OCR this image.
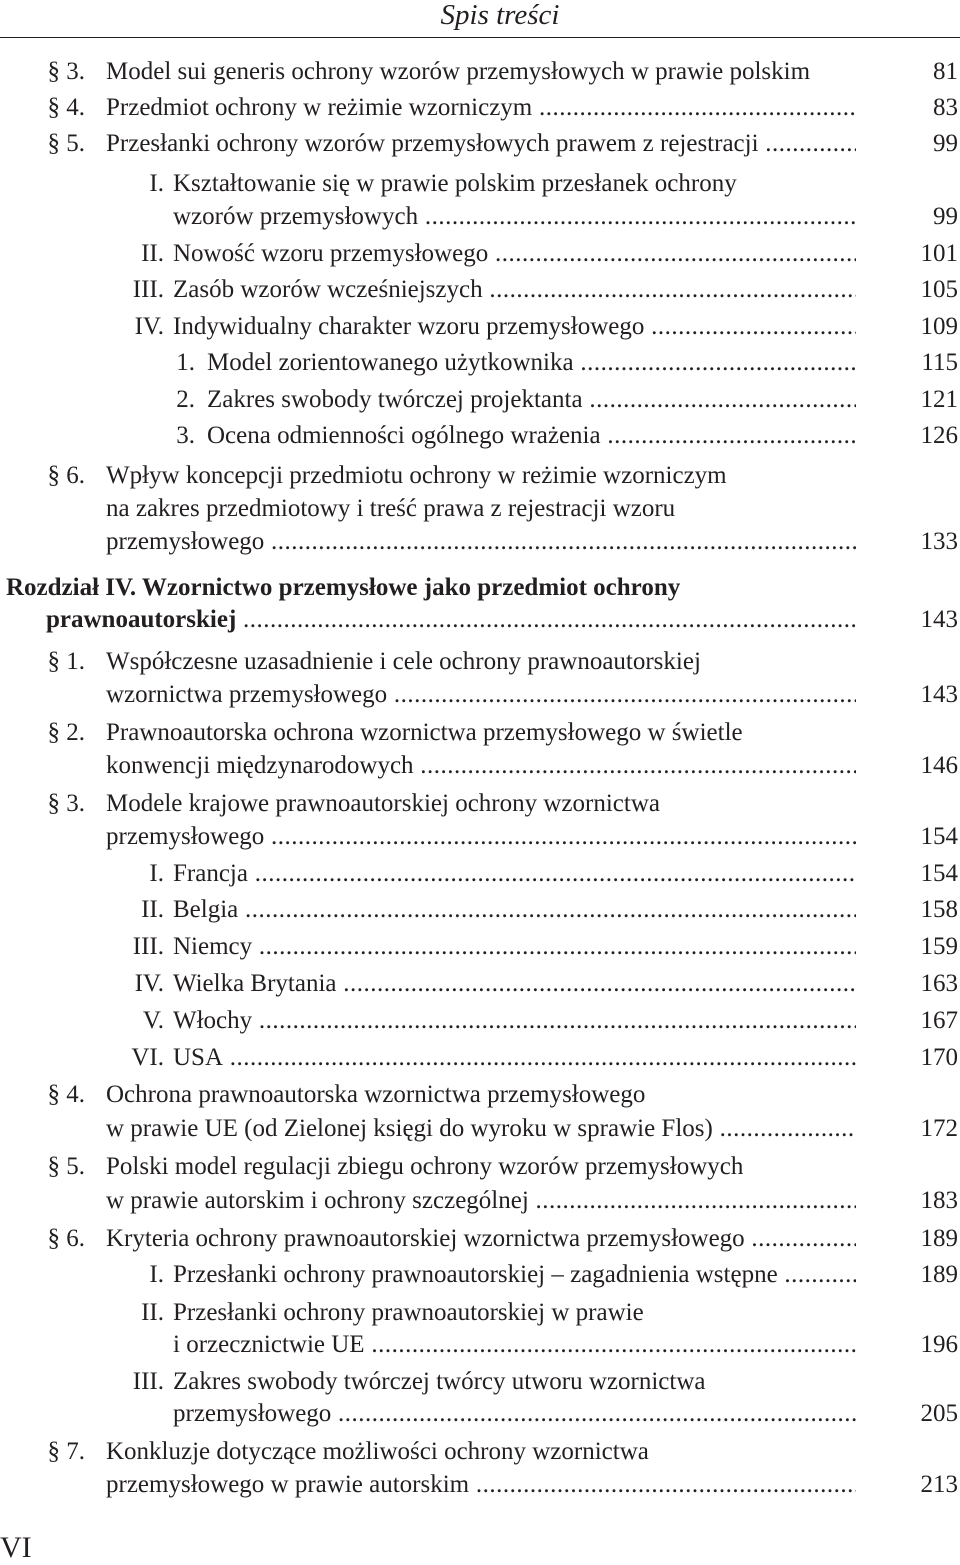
Spis treści
§ 3. Model sui generis ochrony wzorów przemysłowych w prawie polskim	81
§ 4. Przedmiot ochrony w reżimie wzorniczym .....	83
§ 5. Przesłanki ochrony wzorów przemysłowych prawem z rejestracji .....	99
I. Kształtowanie się w prawie polskim przesłanek ochrony
wzorów przemysłowych .....	99
II. Nowość wzoru przemysłowego .....	101
III. Zasób wzorów wcześniejszych .....	105
IV. Indywidualny charakter wzoru przemysłowego .....	109
1. Model zorientowanego użytkownika .....	115
2. Zakres swobody twórczej projektanta .....	121
3. Ocena odmienności ogólnego wrażenia .....	126
§ 6. Wpływ koncepcji przedmiotu ochrony w reżimie wzorniczym
na zakres przedmiotowy i treść prawa z rejestracji wzoru
przemysłowego .....	133
Rozdział IV. Wzornictwo przemysłowe jako przedmiot ochrony
prawnoautorskiej .....	143
§ 1. Współczesne uzasadnienie i cele ochrony prawnoautorskiej
wzornictwa przemysłowego .....	143
§ 2. Prawnoautorska ochrona wzornictwa przemysłowego w świetle
konwencji międzynarodowych .....	146
§ 3. Modele krajowe prawnoautorskiej ochrony wzornictwa
przemysłowego .....	154
I. Francja .....	154
II. Belgia .....	158
III. Niemcy .....	159
IV. Wielka Brytania .....	163
V. Włochy .....	167
VI. USA .....	170
§ 4. Ochrona prawnoautorska wzornictwa przemysłowego
w prawie UE (od Zielonej księgi do wyroku w sprawie Flos) .....	172
§ 5. Polski model regulacji zbiegu ochrony wzorów przemysłowych
w prawie autorskim i ochrony szczególnej .....	183
§ 6. Kryteria ochrony prawnoautorskiej wzornictwa przemysłowego .....	189
I. Przesłanki ochrony prawnoautorskiej – zagadnienia wstępne .....	189
II. Przesłanki ochrony prawnoautorskiej w prawie
i orzecznictwie UE .....	196
III. Zakres swobody twórczej twórcy utworu wzornictwa
przemysłowego .....	205
§ 7. Konkluzje dotyczące możliwości ochrony wzornictwa
przemysłowego w prawie autorskim .....	213
VI
